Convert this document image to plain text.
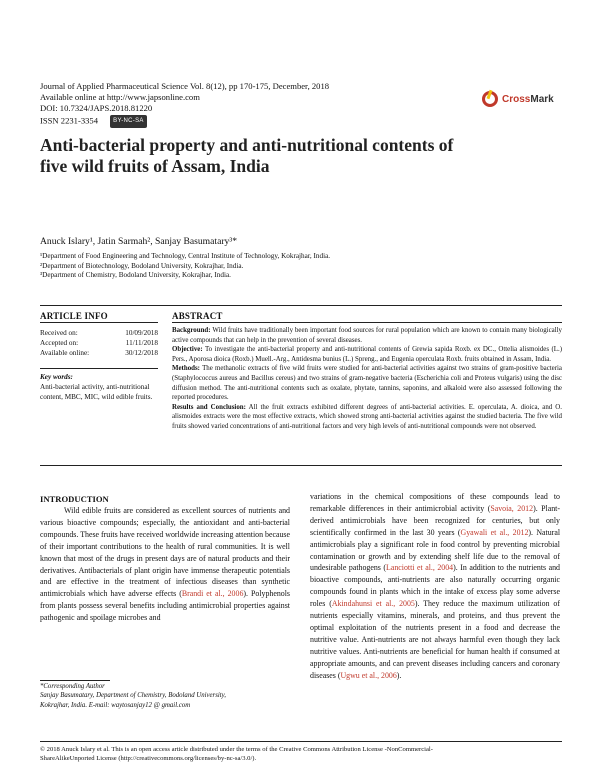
Journal of Applied Pharmaceutical Science Vol. 8(12), pp 170-175, December, 2018
Available online at http://www.japsonline.com
DOI: 10.7324/JAPS.2018.81220
ISSN 2231-3354	BY-NC-SA
CrossMark
Anti-bacterial property and anti-nutritional contents of five wild fruits of Assam, India
Anuck Islary¹, Jatin Sarmah², Sanjay Basumatary³*
¹Department of Food Engineering and Technology, Central Institute of Technology, Kokrajhar, India.
²Department of Biotechnology, Bodoland University, Kokrajhar, India.
³Department of Chemistry, Bodoland University, Kokrajhar, India.
ARTICLE INFO	ABSTRACT
Received on:	10/09/2018
Accepted on:	11/11/2018
Available online:	30/12/2018
Key words:
Anti-bacterial activity, anti-nutritional content, MBC, MIC, wild edible fruits.

Background: Wild fruits have traditionally been important food sources for rural population which are known to contain many biologically active compounds that can help in the prevention of several diseases.

Objective: To investigate the anti-bacterial property and anti-nutritional contents of Grewia sapida Roxb. ex DC., Ottelia alismoides (L.) Pers., Aporosa dioica (Roxb.) Muell.-Arg., Antidesma bunius (L.) Spreng., and Eugenia operculata Roxb. fruits obtained in Assam, India.

Methods: The methanolic extracts of five wild fruits were studied for anti-bacterial activities against two strains of gram-positive bacteria (Staphylococcus aureus and Bacillus cereus) and two strains of gram-negative bacteria (Escherichia coli and Proteus vulgaris) using the disc diffusion method. The anti-nutritional contents such as oxalate, phytate, tannins, saponins, and alkaloid were also assessed following the reported procedures.

Results and Conclusion: All the fruit extracts exhibited different degrees of anti-bacterial activities. E. operculata, A. dioica, and O. alismoides extracts were the most effective extracts, which showed strong anti-bacterial activities against the studied bacteria. The five wild fruits showed varied concentrations of anti-nutritional factors and very high levels of anti-nutritional compounds were not observed.

INTRODUCTION
Wild edible fruits are considered as excellent sources of nutrients and various bioactive compounds; especially, the antioxidant and anti-bacterial compounds. These fruits have received worldwide increasing attention because of their important contributions to the health of rural communities. It is well known that most of the drugs in present days are of natural products and their derivatives. Antibacterials of plant origin have immense therapeutic potentials and are effective in the treatment of infectious diseases than synthetic antimicrobials which have adverse effects (Brandi et al., 2006). Polyphenols from plants possess several benefits including antimicrobial properties against pathogenic and spoilage microbes and
variations in the chemical compositions of these compounds lead to remarkable differences in their antimicrobial activity (Savoia, 2012). Plant-derived antimicrobials have been recognized for centuries, but only scientifically confirmed in the last 30 years (Gyawali et al., 2012). Natural antimicrobials play a significant role in food control by preventing microbial contamination or growth and by extending shelf life due to the removal of undesirable pathogens (Lanciotti et al., 2004). In addition to the nutrients and bioactive compounds, anti-nutrients are also naturally occurring organic compounds found in plants which in the intake of excess play some adverse roles (Akindahunsi et al., 2005). They reduce the maximum utilization of nutrients especially vitamins, minerals, and proteins, and thus prevent the optimal exploitation of the nutrients present in a food and decrease the nutritive value. Anti-nutrients are not always harmful even though they lack nutritive values. Anti-nutrients are beneficial for human health if consumed at appropriate amounts, and can prevent diseases including cancers and coronary diseases (Ugwu et al., 2006).
*Corresponding Author
Sanjay Basumatary, Department of Chemistry, Bodoland University,
Kokrajhar, India. E-mail: waytosanjay12 @ gmail.com
© 2018 Anuck Islary et al. This is an open access article distributed under the terms of the Creative Commons Attribution License -NonCommercial-
ShareAlikeUnported License (http://creativecommons.org/licenses/by-nc-sa/3.0/).
